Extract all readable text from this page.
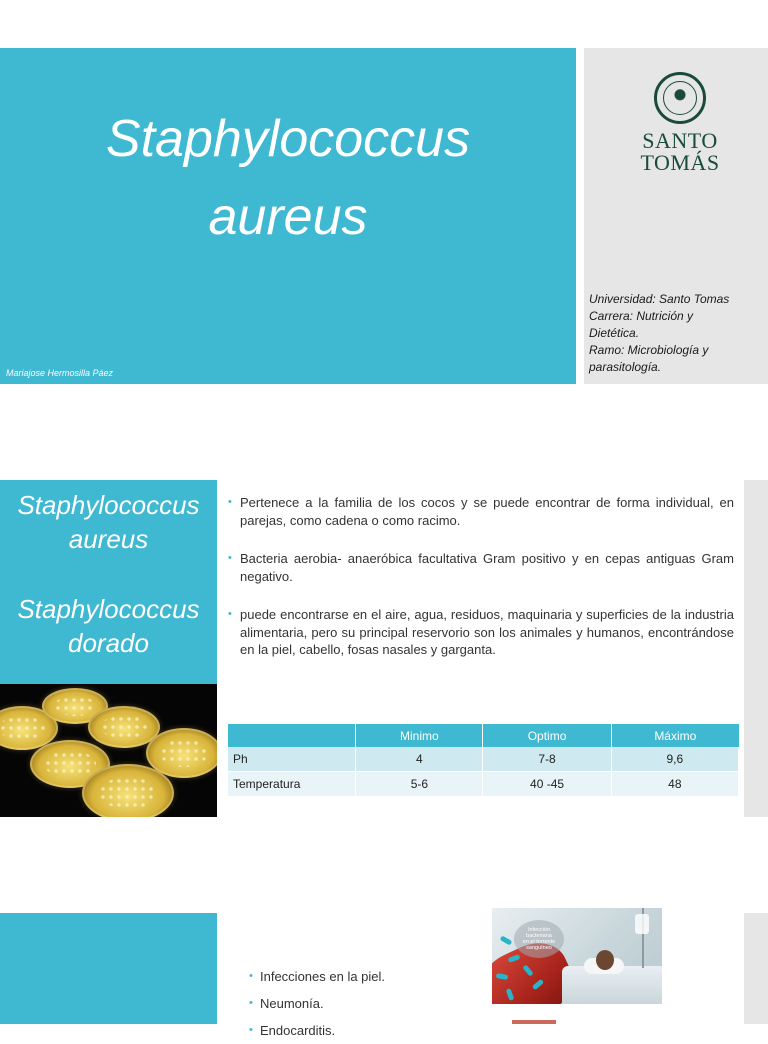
Staphylococcus
aureus
Mariajose Hermosilla Páez
SANTO
TOMÁS
Universidad: Santo Tomas
Carrera: Nutrición y
Dietética.
Ramo: Microbiología y
parasitología.
Staphylococcus
aureus
Staphylococcus
dorado
• Pertenece a la familia de los cocos y se puede encontrar de forma individual, en parejas, como cadena o como racimo.
• Bacteria aerobia- anaeróbica facultativa Gram positivo y en cepas antiguas Gram negativo.
• puede encontrarse en el aire, agua, residuos, maquinaria y superficies de la industria alimentaria, pero su principal reservorio son los animales y humanos, encontrándose en la piel, cabello, fosas nasales y garganta.
	Minimo	Optimo	Máximo
Ph	4	7-8	9,6
Temperatura	5-6	40 -45	48
• Infecciones en la piel.
• Neumonía.
• Endocarditis.
Infección
bacteriana
en el torrente
sanguíneo
